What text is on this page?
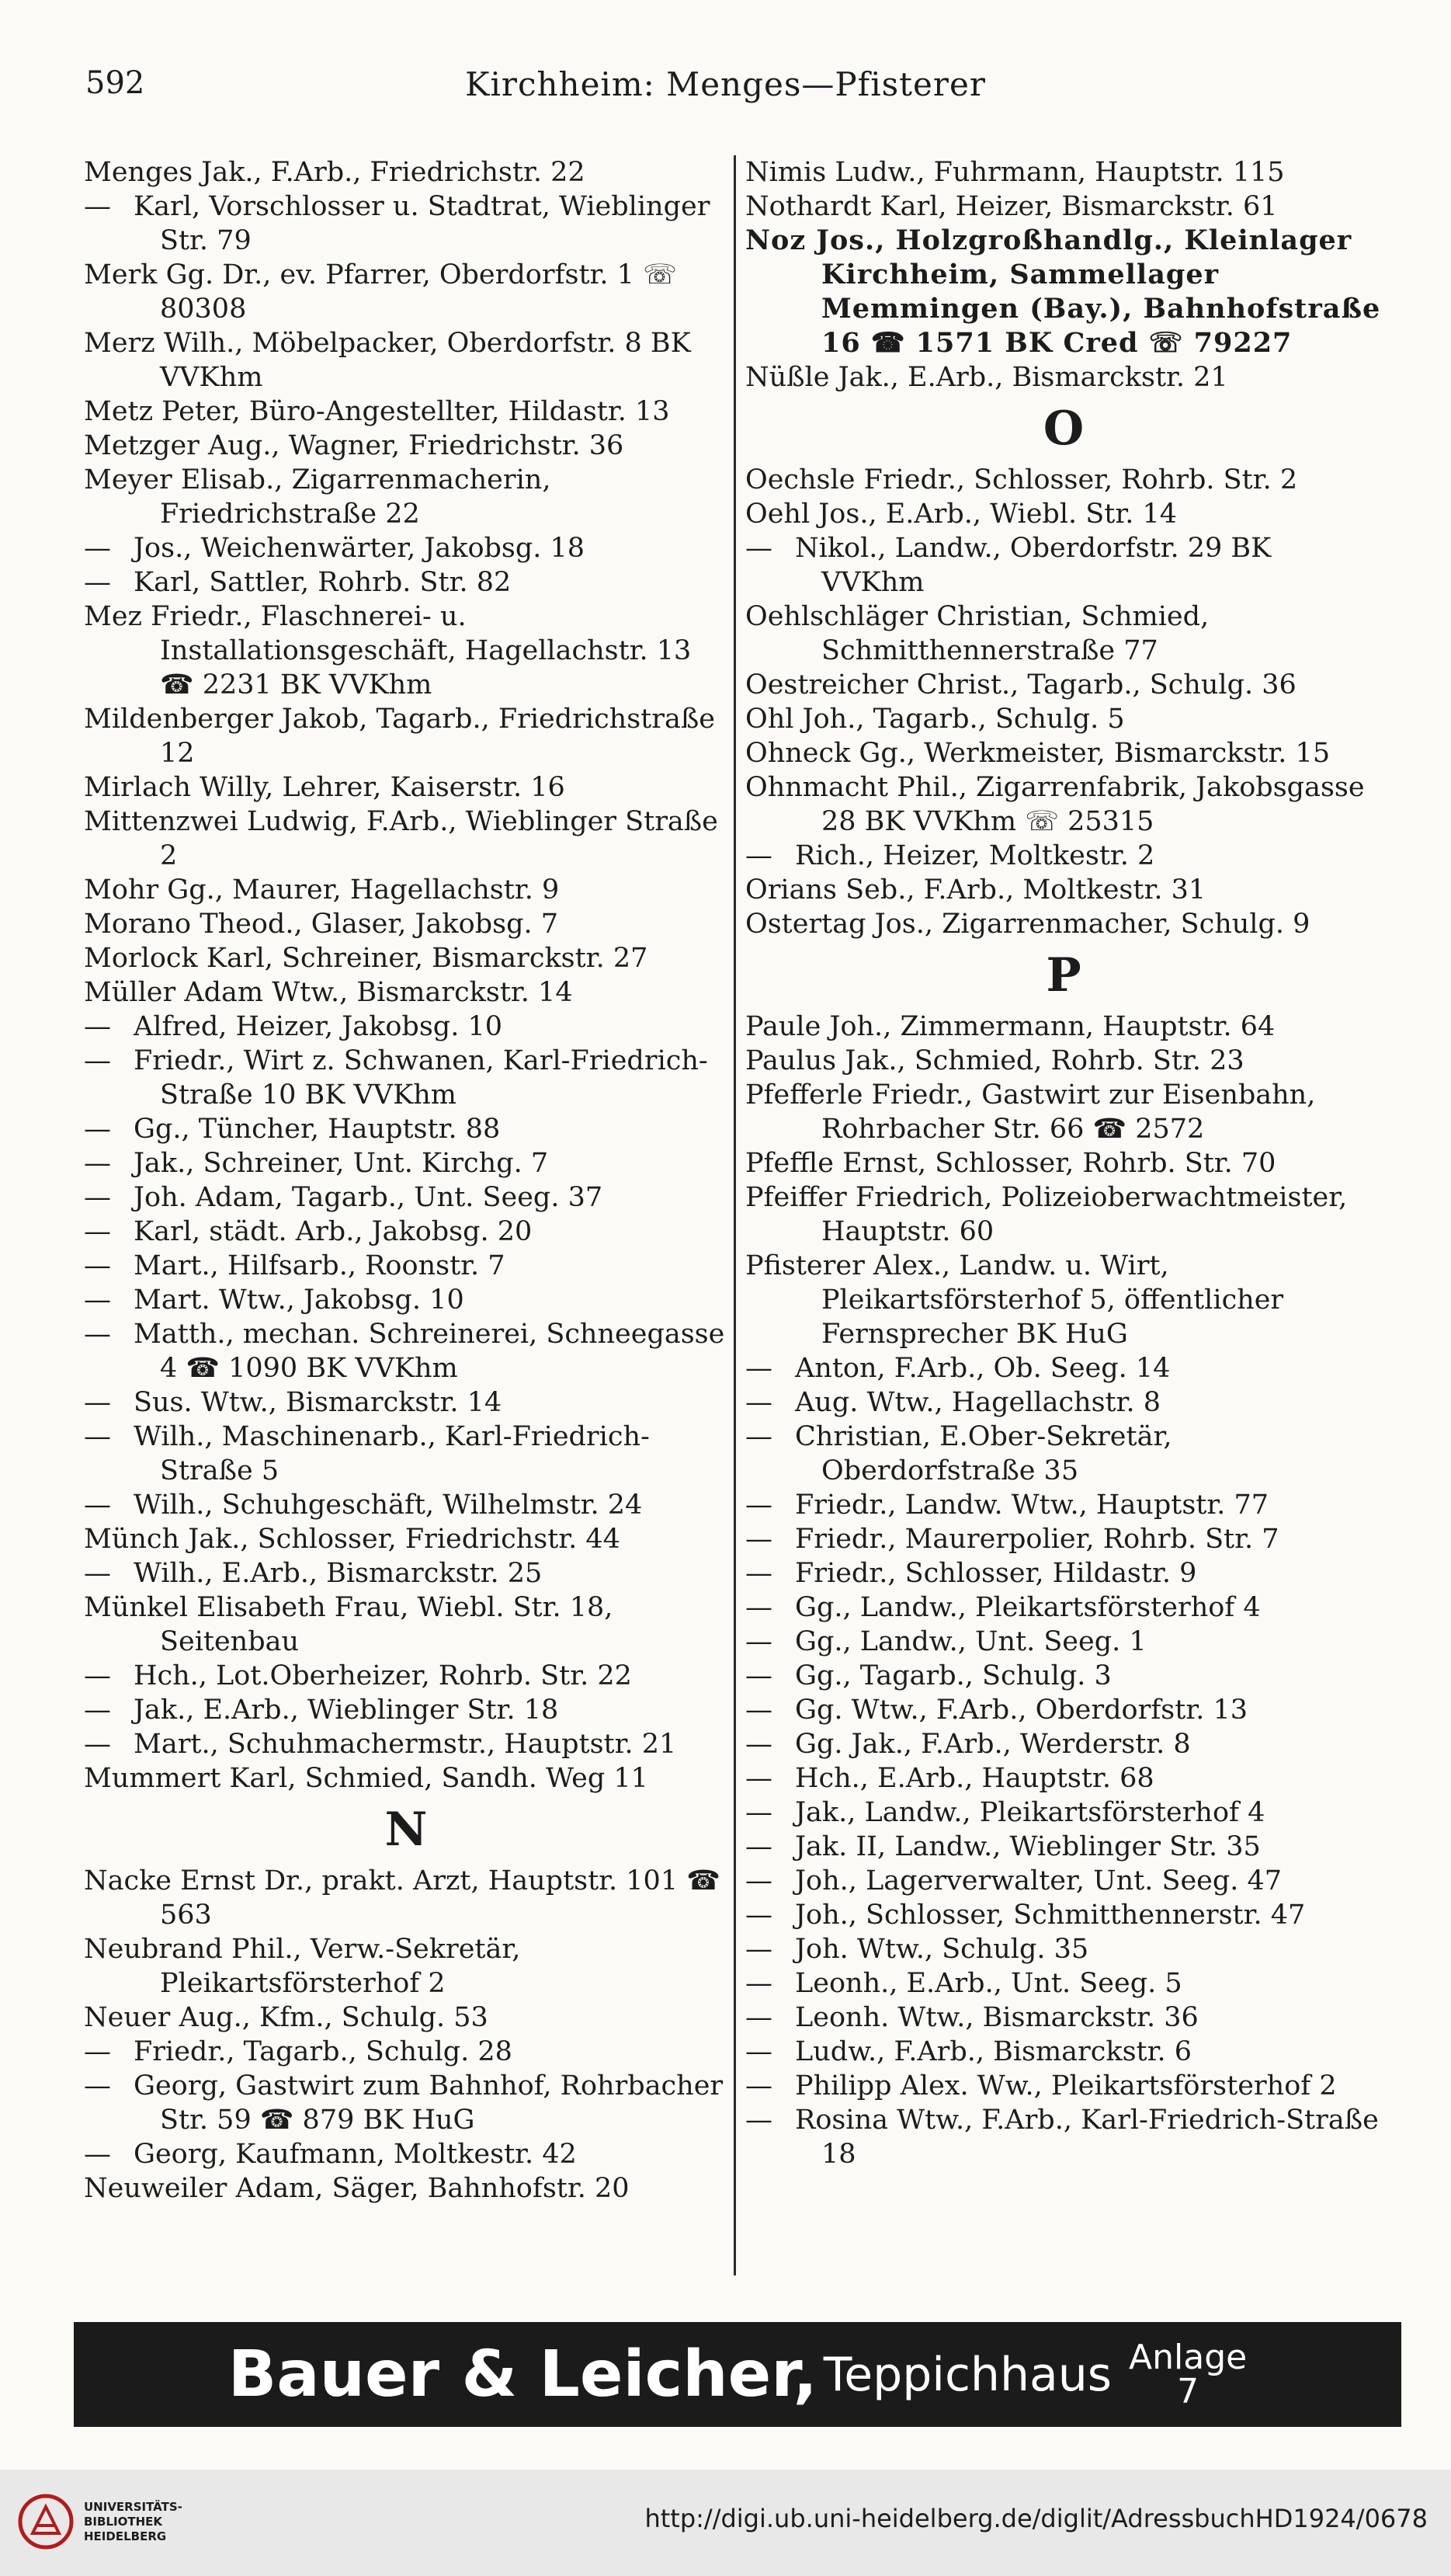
592	Kirchheim: Menges—Pfisterer
Menges Jak., F.Arb., Friedrichstr. 22
— Karl, Vorschlosser u. Stadtrat, Wieblinger Str. 79
Merk Gg. Dr., ev. Pfarrer, Oberdorfstr. 1 ☏ 80308
Merz Wilh., Möbelpacker, Oberdorfstr. 8 BK VVKhm
Metz Peter, Büro-Angestellter, Hildastr. 13
Metzger Aug., Wagner, Friedrichstr. 36
Meyer Elisab., Zigarrenmacherin, Friedrichstraße 22
— Jos., Weichenwärter, Jakobsg. 18
— Karl, Sattler, Rohrb. Str. 82
Mez Friedr., Flaschnerei- u. Installationsgeschäft, Hagellachstr. 13 ☎ 2231 BK VVKhm
Mildenberger Jakob, Tagarb., Friedrichstraße 12
Mirlach Willy, Lehrer, Kaiserstr. 16
Mittenzwei Ludwig, F.Arb., Wieblinger Straße 2
Mohr Gg., Maurer, Hagellachstr. 9
Morano Theod., Glaser, Jakobsg. 7
Morlock Karl, Schreiner, Bismarckstr. 27
Müller Adam Wtw., Bismarckstr. 14
— Alfred, Heizer, Jakobsg. 10
— Friedr., Wirt z. Schwanen, Karl-Friedrich-Straße 10 BK VVKhm
— Gg., Tüncher, Hauptstr. 88
— Jak., Schreiner, Unt. Kirchg. 7
— Joh. Adam, Tagarb., Unt. Seeg. 37
— Karl, städt. Arb., Jakobsg. 20
— Mart., Hilfsarb., Roonstr. 7
— Mart. Wtw., Jakobsg. 10
— Matth., mechan. Schreinerei, Schneegasse 4 ☎ 1090 BK VVKhm
— Sus. Wtw., Bismarckstr. 14
— Wilh., Maschinenarb., Karl-Friedrich-Straße 5
— Wilh., Schuhgeschäft, Wilhelmstr. 24
Münch Jak., Schlosser, Friedrichstr. 44
— Wilh., E.Arb., Bismarckstr. 25
Münkel Elisabeth Frau, Wiebl. Str. 18, Seitenbau
— Hch., Lot.Oberheizer, Rohrb. Str. 22
— Jak., E.Arb., Wieblinger Str. 18
— Mart., Schuhmachermstr., Hauptstr. 21
Mummert Karl, Schmied, Sandh. Weg 11
N
Nacke Ernst Dr., prakt. Arzt, Hauptstr. 101 ☎ 563
Neubrand Phil., Verw.-Sekretär, Pleikartsförsterhof 2
Neuer Aug., Kfm., Schulg. 53
— Friedr., Tagarb., Schulg. 28
— Georg, Gastwirt zum Bahnhof, Rohrbacher Str. 59 ☎ 879 BK HuG
— Georg, Kaufmann, Moltkestr. 42
Neuweiler Adam, Säger, Bahnhofstr. 20
Nimis Ludw., Fuhrmann, Hauptstr. 115
Nothardt Karl, Heizer, Bismarckstr. 61
Noz Jos., Holzgroßhandlg., Kleinlager Kirchheim, Sammellager Memmingen (Bay.), Bahnhofstraße 16 ☎ 1571 BK Cred ☏ 79227
Nüßle Jak., E.Arb., Bismarckstr. 21
O
Oechsle Friedr., Schlosser, Rohrb. Str. 2
Oehl Jos., E.Arb., Wiebl. Str. 14
— Nikol., Landw., Oberdorfstr. 29 BK VVKhm
Oehlschläger Christian, Schmied, Schmitthennerstraße 77
Oestreicher Christ., Tagarb., Schulg. 36
Ohl Joh., Tagarb., Schulg. 5
Ohneck Gg., Werkmeister, Bismarckstr. 15
Ohnmacht Phil., Zigarrenfabrik, Jakobsgasse 28 BK VVKhm ☏ 25315
— Rich., Heizer, Moltkestr. 2
Orians Seb., F.Arb., Moltkestr. 31
Ostertag Jos., Zigarrenmacher, Schulg. 9
P
Paule Joh., Zimmermann, Hauptstr. 64
Paulus Jak., Schmied, Rohrb. Str. 23
Pfefferle Friedr., Gastwirt zur Eisenbahn, Rohrbacher Str. 66 ☎ 2572
Pfeffle Ernst, Schlosser, Rohrb. Str. 70
Pfeiffer Friedrich, Polizeioberwachtmeister, Hauptstr. 60
Pfisterer Alex., Landw. u. Wirt, Pleikartsförsterhof 5, öffentlicher Fernsprecher BK HuG
— Anton, F.Arb., Ob. Seeg. 14
— Aug. Wtw., Hagellachstr. 8
— Christian, E.Ober-Sekretär, Oberdorfstraße 35
— Friedr., Landw. Wtw., Hauptstr. 77
— Friedr., Maurerpolier, Rohrb. Str. 7
— Friedr., Schlosser, Hildastr. 9
— Gg., Landw., Pleikartsförsterhof 4
— Gg., Landw., Unt. Seeg. 1
— Gg., Tagarb., Schulg. 3
— Gg. Wtw., F.Arb., Oberdorfstr. 13
— Gg. Jak., F.Arb., Werderstr. 8
— Hch., E.Arb., Hauptstr. 68
— Jak., Landw., Pleikartsförsterhof 4
— Jak. II, Landw., Wieblinger Str. 35
— Joh., Lagerverwalter, Unt. Seeg. 47
— Joh., Schlosser, Schmitthennerstr. 47
— Joh. Wtw., Schulg. 35
— Leonh., E.Arb., Unt. Seeg. 5
— Leonh. Wtw., Bismarckstr. 36
— Ludw., F.Arb., Bismarckstr. 6
— Philipp Alex. Ww., Pleikartsförsterhof 2
— Rosina Wtw., F.Arb., Karl-Friedrich-Straße 18
Bauer & Leicher, Teppichhaus Anlage
7
UNIVERSITÄTS-
BIBLIOTHEK
HEIDELBERG
http://digi.ub.uni-heidelberg.de/diglit/AdressbuchHD1924/0678
